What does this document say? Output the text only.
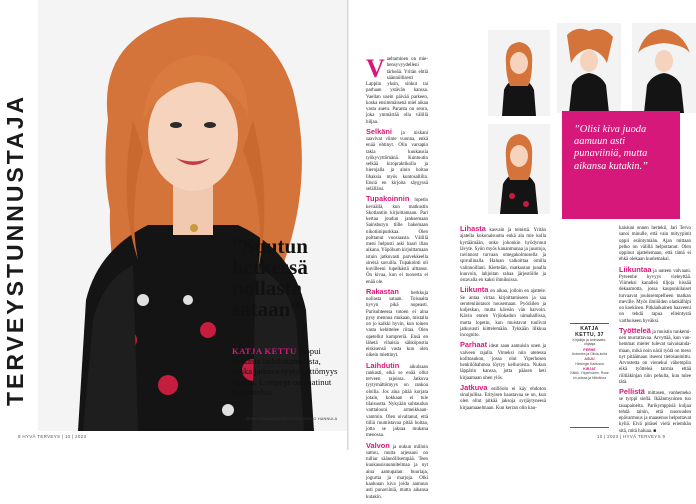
TERVEYSTUNNUSTAJA	”Suutun hetkessä nollasta sataan”
KATJA KETTU luopui rankasta laihduttamisesta, koska jatkuva tyytymättömyys väsytti. Lempeys on vaatinut harjoittelua.
JENNI KANGASNIEMI KUVAT MIKKO HANNULA
8 HYVÄ TERVEYS | 10 | 2023

Vaeltaminen on miehensyvyydelleni tärkeää. Yritän ehtiä säännöllisesti Lappiin yksin, sinkut tai parhaan ystävän kanssa. Vaellan usein päivää parkeen, koska ensimmäisenä miel aikaa vasta auetu. Paranta on seura, joka ymmärtää olla välillä hiljaa.

Selkäni ja niskani saavivat viime vuonna, enkä enää ehtinyt. Olin varsapin takia kuukausia työkyvyttömänä. Kuntoutin selkää kiropraktikolla ja hierojalla ja aloin hoitaa lihaksia myös kuntosallilla. Ensiä en kirjoita säygyssä selälläisi.

Tupakoinnin lopetin keväällä, kun matkustin Skotlantiin kirjoittamaan. Pari kertaa joudun janksemaan Sainsburyn tiille hakemaan nikotiinipurkkaa. Olen polttanut vuosiaasta. Välillä meni helposti aski baari illan aikana. Yöpöhum kirjoittamaan istuin jatkuvasti parvekkeella sireisä savuilla. Tupakointi oli kuvilleeni lupelkästä alttanut. Ön kivaa, kun ei tuoxerta ei enää ole.

Rakastan herkkuja nollasta sataan. Toisaalta hyvyn pikä nopeasti. Parisuhteessa totoen ei aina pysy mennoa mukaan, mistalla on jo kaikki hyvin, kun toinen vasta kehittelee riitaa. Olen opetellut kompreriä. Ensä en lähetä vihaisia sähköpostia eiskisensä vasta kun olen oikein miettinyt.

Laihdutin aikuisaan rankasti, eikä se enää ollut terveen rajoissa. Jatkuva tyytymättömyys on rankoa oloilla. Jos aina pitää korjata jotain, kokkaan ei tule tilaisuutta. Nykyään suhtaudun varttalooni armeikkaanvammin. Olen oivaltanut, että tiiliä ruumistavaa pitää hoitaa, jotta se jaksaa mukana menossa.

Valvon ja nukun milloin sattuu, mutta arjessani on tulliar säännöllisempää. Teen kuukausisuunnitelmaa ja nyt aina aamupalan: buuriaja, jogurtia ja marjoja. Olki kaaluuan kiva joida aamuun asti punaviiniä, mutta aikansa kutakin.

Lihasta kasvain ja teinistä. Yritän ajatella kokonaisuutta enkä ala mie kolla kyrtäämään, onko johonkin hyödynnut lävyte. Syön myös kananmunaa ja juustoja, ravinnost turvaan omegakolmosella ja spiruilinalla. Haluan valkoittaa omilla valinnoillani. Kiertelän, matkustan junalla kuuvoin, lahjoitan rahaa järjestöille ja ostavalla en kaksi ihmiksissa.

Liikunta on aikaa, jolloin en ajattele. Se antaa virtaa kirjoittamiseen ja saa seroteniinitasot nousemaan. Pyöräilen ja kuljeskan, mutta käveän vän harvoin. Kävin ennen Yrjönkadun uimahallissa, mutta lopetin, kun muistavat tuulivat jatkuvasti kiittelemään. Tykkään lilkkua incognito.

Parhaat ideat saan aamuisin unen ja valveen rajalla. Vimeksi niin utetessa kolltoaukon, jossa olut Yiperhosen henkilöhahmoa löytyy kelluroista. Nukun läppärin kanssa, jotta pääsen heti kirjaamaan uhen ylös.

Jatkuva esillöolo ei käy ehdoton sinuljullisa. Erityisen haastavaa se on, kun olen ollut pitkää jaksoja syrjäytyneesä kirjaamaaelmaan. Kun kerran olin kau-

kaisiuni ennen hertekii, Jari Tervo sanoi minulle, että vain mityypinit oppii esiintymään. Ajan mittaan pelko on välillä helpottanut. Olen oppinut ajattelemaan, että tämä ei ehkä olekaan kuolemakai.

Liikuntaa ja uuteen valvaani. Pyteenhe hyvyys vieleyttää. Viimeksi kanalleä tiljoja hissää dekaamotta, jossa kaupunkilaiset turvaavat joulusempelheen matkan meville. Myös ilmiöiden olankälhipi on koekinen. Pitkäaikainen haaveeni on tehdä rapua elleintystä varthuiseen hyväksi.

Työtteleä ja muistin tunkeminen murrattavaa. Arvyttää, kun vanhemmat mieler tulevat taivaisandamaan, mikä noin näsii työtä on meso nyt pitäämaan itseeni tietosanmittu. Arvostetta on vienekui vähempiin eikä työtteleä tarmia ettää riiltiäkinjan niin pehulta, kun tulee tätä.

Pellistä mittasen, vanhemeko se tyrppi siellä. Ikäänmyninen tuo tauapaineita. Parikymppisiä kuljaa tehdä tainin, että nuoruuden epävarmuus ja maasenus helpottavat kyllä. Eivä pitäsei vielä eriemhän sitä, mitä haluaa. ■

”Olisi kiva juoda aamuun asti punaviiniä, mutta aikansa kutakin.”
KATJA KETTU, 37
Kirjailija ja animaatioohjaaja
PERHE
Aviomies ja Olivia-koira
ASUU
Helsingin Kalliossa
KIRJAT
Kätilö, Yöperhonen, Rose on poissa ja Hittolinna
10 | 2023 | HYVÄ TERVEYS 9
